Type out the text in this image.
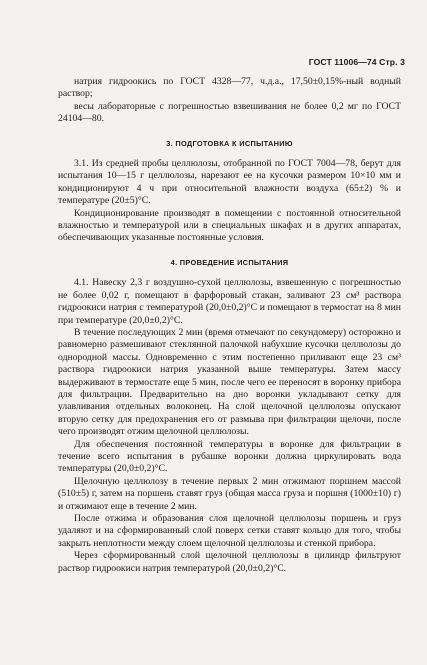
ГОСТ 11006—74 Стр. 3

натрия гидроокись по ГОСТ 4328—77, ч.д.а., 17,50±0,15%-ный водный раствор;

весы лабораторные с погрешностью взвешивания не более 0,2 мг по ГОСТ 24104—80.

3. ПОДГОТОВКА К ИСПЫТАНИЮ

3.1. Из средней пробы целлюлозы, отобранной по ГОСТ 7004—78, берут для испытания 10—15 г целлюлозы, нарезают ее на кусочки размером 10×10 мм и кондиционируют 4 ч при относительной влажности воздуха (65±2) % и температуре (20±5)°С.

Кондиционирование производят в помещении с постоянной относительной влажностью и температурой или в специальных шкафах и в других аппаратах, обеспечивающих указанные постоянные условия.

4. ПРОВЕДЕНИЕ ИСПЫТАНИЯ

4.1. Навеску 2,3 г воздушно-сухой целлюлозы, взвешенную с погрешностью не более 0,02 г, помещают в фарфоровый стакан, заливают 23 см³ раствора гидроокиси натрия с температурой (20,0±0,2)°С и помещают в термостат на 8 мин при температуре (20,0±0,2)°С.

В течение последующих 2 мин (время отмечают по секундомеру) осторожно и равномерно размешивают стеклянной палочкой набухшие кусочки целлюлозы до однородной массы. Одновременно с этим постепенно приливают еще 23 см³ раствора гидроокиси натрия указанной выше температуры. Затем массу выдерживают в термостате еще 5 мин, после чего ее переносят в воронку прибора для фильтрации. Предварительно на дно воронки укладывают сетку для улавливания отдельных волоконец. На слой щелочной целлюлозы опускают вторую сетку для предохранения его от размыва при фильтрации щелочи, после чего производят отжим щелочной целлюлозы.

Для обеспечения постоянной температуры в воронке для фильтрации в течение всего испытания в рубашке воронки должна циркулировать вода температуры (20,0±0,2)°С.

Щелочную целлюлозу в течение первых 2 мин отжимают поршнем массой (510±5) г, затем на поршень ставят груз (общая масса груза и поршня (1000±10) г) и отжимают еще в течение 2 мин.

После отжима и образования слоя щелочной целлюлозы поршень и груз удаляют и на сформированный слой поверх сетки ставят кольцо для того, чтобы закрыть неплотности между слоем щелочной целлюлозы и стенкой прибора.

Через сформированный слой щелочной целлюлозы в цилиндр фильтруют раствор гидроокиси натрия температурой (20,0±0,2)°С.
